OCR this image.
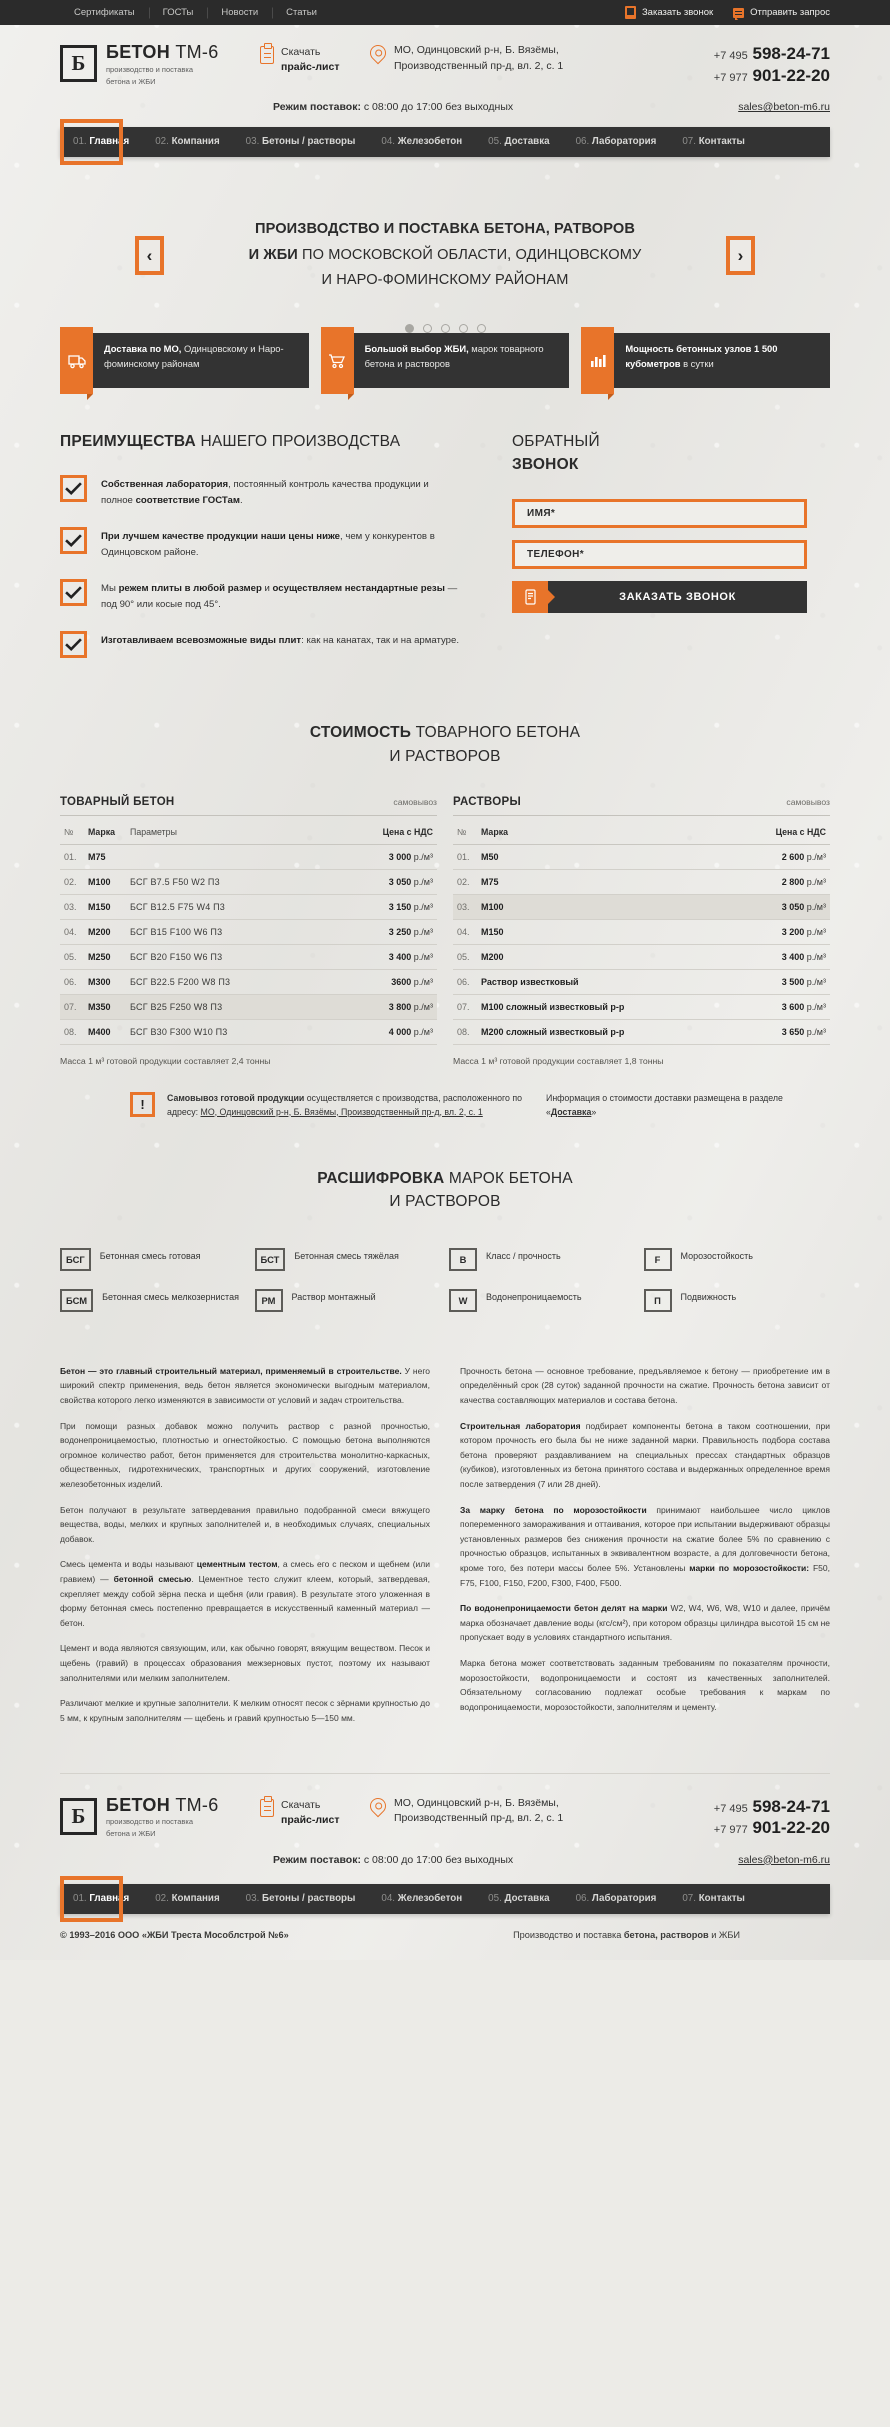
Сертификаты	ГОСТы	Новости	Статьи	Заказать звонок	Отправить запрос
Б БЕТОН ТМ-6 производство и поставка
бетона и ЖБИ
Скачать
прайс-лист
МО, Одинцовский р-н, Б. Вязёмы,
Производственный пр-д, вл. 2, с. 1
+7 495 598-24-71
+7 977 901-22-20
Режим поставок: с 08:00 до 17:00 без выходных	sales@beton-m6.ru
01. Главная	02. Компания	03. Бетоны / растворы	04. Железобетон	05. Доставка	06. Лаборатория	07. Контакты
‹
ПРОИЗВОДСТВО И ПОСТАВКА БЕТОНА, РАТВОРОВ
И ЖБИ ПО МОСКОВСКОЙ ОБЛАСТИ, ОДИНЦОВСКОМУ
И НАРО-ФОМИНСКОМУ РАЙОНАМ
›
Доставка по МО, Одинцовскому и Наро-фоминскому районам
Большой выбор ЖБИ, марок товарного бетона и растворов
Мощность бетонных узлов 1 500 кубометров в сутки
ПРЕИМУЩЕСТВА НАШЕГО ПРОИЗВОДСТВА
Собственная лаборатория, постоянный контроль качества продукции и полное соответствие ГОСТам.
При лучшем качестве продукции наши цены ниже, чем у конкурентов в Одинцовском районе.
Мы режем плиты в любой размер и осуществляем нестандартные резы — под 90° или косые под 45°.
Изготавливаем всевозможные виды плит: как на канатах, так и на арматуре.
ОБРАТНЫЙ
ЗВОНОК
ИМЯ*
ТЕЛЕФОН*
ЗАКАЗАТЬ ЗВОНОК
СТОИМОСТЬ ТОВАРНОГО БЕТОНА
И РАСТВОРОВ
ТОВАРНЫЙ БЕТОН	самовывоз
№	Марка	Параметры	Цена с НДС
01.	М75		3 000 р./м³
02.	М100	БСГ В7.5 F50 W2 П3	3 050 р./м³
03.	М150	БСГ В12.5 F75 W4 П3	3 150 р./м³
04.	М200	БСГ В15 F100 W6 П3	3 250 р./м³
05.	М250	БСГ В20 F150 W6 П3	3 400 р./м³
06.	М300	БСГ В22.5 F200 W8 П3	3600 р./м³
07.	М350	БСГ В25 F250 W8 П3	3 800 р./м³
08.	М400	БСГ В30 F300 W10 П3	4 000 р./м³
Масса 1 м³ готовой продукции составляет 2,4 тонны
РАСТВОРЫ	самовывоз
№	Марка	Цена с НДС
01.	М50	2 600 р./м³
02.	М75	2 800 р./м³
03.	М100	3 050 р./м³
04.	М150	3 200 р./м³
05.	М200	3 400 р./м³
06.	Раствор известковый	3 500 р./м³
07.	М100 сложный известковый р-р	3 600 р./м³
08.	М200 сложный известковый р-р	3 650 р./м³
Масса 1 м³ готовой продукции составляет 1,8 тонны
!	Самовывоз готовой продукции осуществляется с производства, расположенного по адресу: МО, Одинцовский р-н, Б. Вязёмы, Производственный пр-д, вл. 2, с. 1
Информация о стоимости доставки размещена в разделе «Доставка»
РАСШИФРОВКА МАРОК БЕТОНА
И РАСТВОРОВ
БСГ	Бетонная смесь готовая
БСМ	Бетонная смесь мелкозернистая
БСТ	Бетонная смесь тяжёлая
РМ	Раствор монтажный
В	Класс / прочность
W	Водонепроницаемость
F	Морозостойкость
П	Подвижность

Бетон — это главный строительный материал, применяемый в строительстве. У него широкий спектр применения, ведь бетон является экономически выгодным материалом, свойства которого легко изменяются в зависимости от условий и задач строительства.

При помощи разных добавок можно получить раствор с разной прочностью, водонепроницаемостью, плотностью и огнестойкостью. С помощью бетона выполняются огромное количество работ, бетон применяется для строительства монолитно-каркасных, общественных, гидротехнических, транспортных и других сооружений, изготовление железобетонных изделий.

Бетон получают в результате затвердевания правильно подобранной смеси вяжущего вещества, воды, мелких и крупных заполнителей и, в необходимых случаях, специальных добавок.

Смесь цемента и воды называют цементным тестом, а смесь его с песком и щебнем (или гравием) — бетонной смесью. Цементное тесто служит клеем, который, затвердевая, скрепляет между собой зёрна песка и щебня (или гравия). В результате этого уложенная в форму бетонная смесь постепенно превращается в искусственный каменный материал — бетон.

Цемент и вода являются связующим, или, как обычно говорят, вяжущим веществом. Песок и щебень (гравий) в процессах образования межзерновых пустот, поэтому их называют заполнителями или мелким заполнителем.

Различают мелкие и крупные заполнители. К мелким относят песок с зёрнами крупностью до 5 мм, к крупным заполнителям — щебень и гравий крупностью 5—150 мм.

Прочность бетона — основное требование, предъявляемое к бетону — приобретение им в определённый срок (28 суток) заданной прочности на сжатие. Прочность бетона зависит от качества составляющих материалов и состава бетона.

Строительная лаборатория подбирает компоненты бетона в таком соотношении, при котором прочность его была бы не ниже заданной марки. Правильность подбора состава бетона проверяют раздавливанием на специальных прессах стандартных образцов (кубиков), изготовленных из бетона принятого состава и выдержанных определенное время после затвердения (7 или 28 дней).

За марку бетона по морозостойкости принимают наибольшее число циклов попеременного замораживания и оттаивания, которое при испытании выдерживают образцы установленных размеров без снижения прочности на сжатие более 5% по сравнению с прочностью образцов, испытанных в эквивалентном возрасте, а для долговечности бетона, кроме того, без потери массы более 5%. Установлены марки по морозостойкости: F50, F75, F100, F150, F200, F300, F400, F500.

По водонепроницаемости бетон делят на марки W2, W4, W6, W8, W10 и далее, причём марка обозначает давление воды (кгс/см²), при котором образцы цилиндра высотой 15 см не пропускает воду в условиях стандартного испытания.

Марка бетона может соответствовать заданным требованиям по показателям прочности, морозостойкости, водопроницаемости и состоят из качественных заполнителей. Обязательному согласованию подлежат особые требования к маркам по водопроницаемости, морозостойкости, заполнителям и цементу.

Б БЕТОН ТМ-6 производство и поставка
бетона и ЖБИ
Скачать
прайс-лист
МО, Одинцовский р-н, Б. Вязёмы,
Производственный пр-д, вл. 2, с. 1
+7 495 598-24-71
+7 977 901-22-20
Режим поставок: с 08:00 до 17:00 без выходных	sales@beton-m6.ru
01. Главная	02. Компания	03. Бетоны / растворы	04. Железобетон	05. Доставка	06. Лаборатория	07. Контакты
© 1993–2016 ООО «ЖБИ Треста Мособлстрой №6»	Производство и поставка бетона, растворов и ЖБИ
